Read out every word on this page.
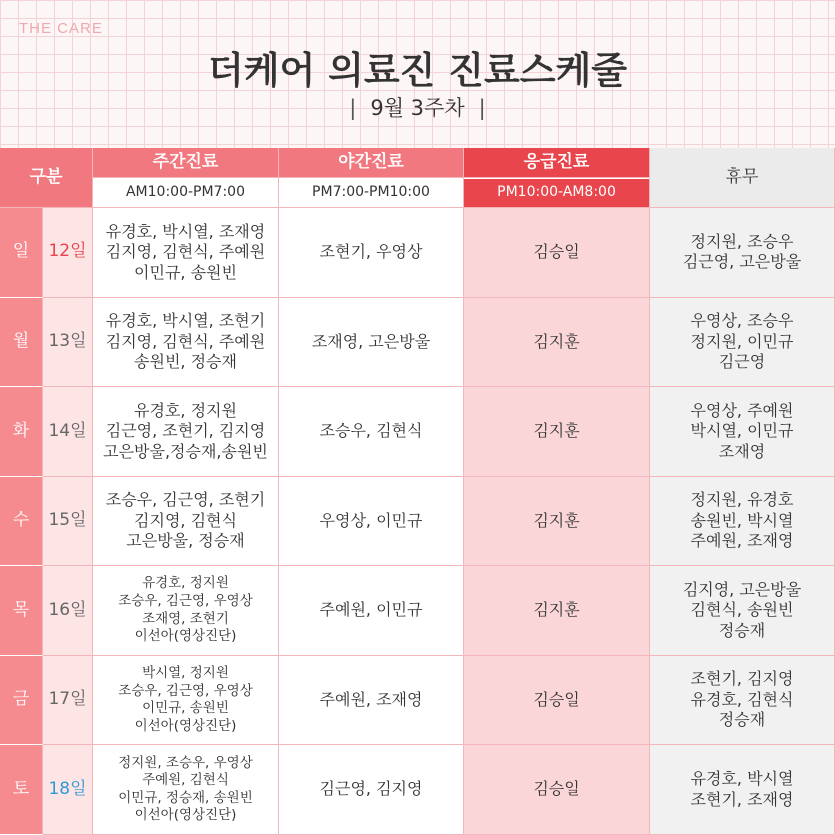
THE CARE
더케어 의료진 진료스케줄
| 9월 3주차 |
구분
주간진료
AM10:00-PM7:00
야간진료
PM7:00-PM10:00
응급진료
PM10:00-AM8:00
휴무
일 12일
유경호, 박시열, 조재영
김지영, 김현식, 주예원
이민규, 송원빈
조현기, 우영상	김승일
정지원, 조승우
김근영, 고은방울
월 13일
유경호, 박시열, 조현기
김지영, 김현식, 주예원
송원빈, 정승재
조재영, 고은방울	김지훈
우영상, 조승우
정지원, 이민규
김근영
화 14일
유경호, 정지원
김근영, 조현기, 김지영
고은방울,정승재,송원빈
조승우, 김현식	김지훈
우영상, 주예원
박시열, 이민규
조재영
수 15일
조승우, 김근영, 조현기
김지영, 김현식
고은방울, 정승재
우영상, 이민규	김지훈
정지원, 유경호
송원빈, 박시열
주예원, 조재영
목 16일
유경호, 정지원
조승우, 김근영, 우영상
조재영, 조현기
이선아(영상진단)
주예원, 이민규	김지훈
김지영, 고은방울
김현식, 송원빈
정승재
금 17일
박시열, 정지원
조승우, 김근영, 우영상
이민규, 송원빈
이선아(영상진단)
주예원, 조재영	김승일
조현기, 김지영
유경호, 김현식
정승재
토 18일
정지원, 조승우, 우영상
주예원, 김현식
이민규, 정승재, 송원빈
이선아(영상진단)
김근영, 김지영	김승일
유경호, 박시열
조현기, 조재영
